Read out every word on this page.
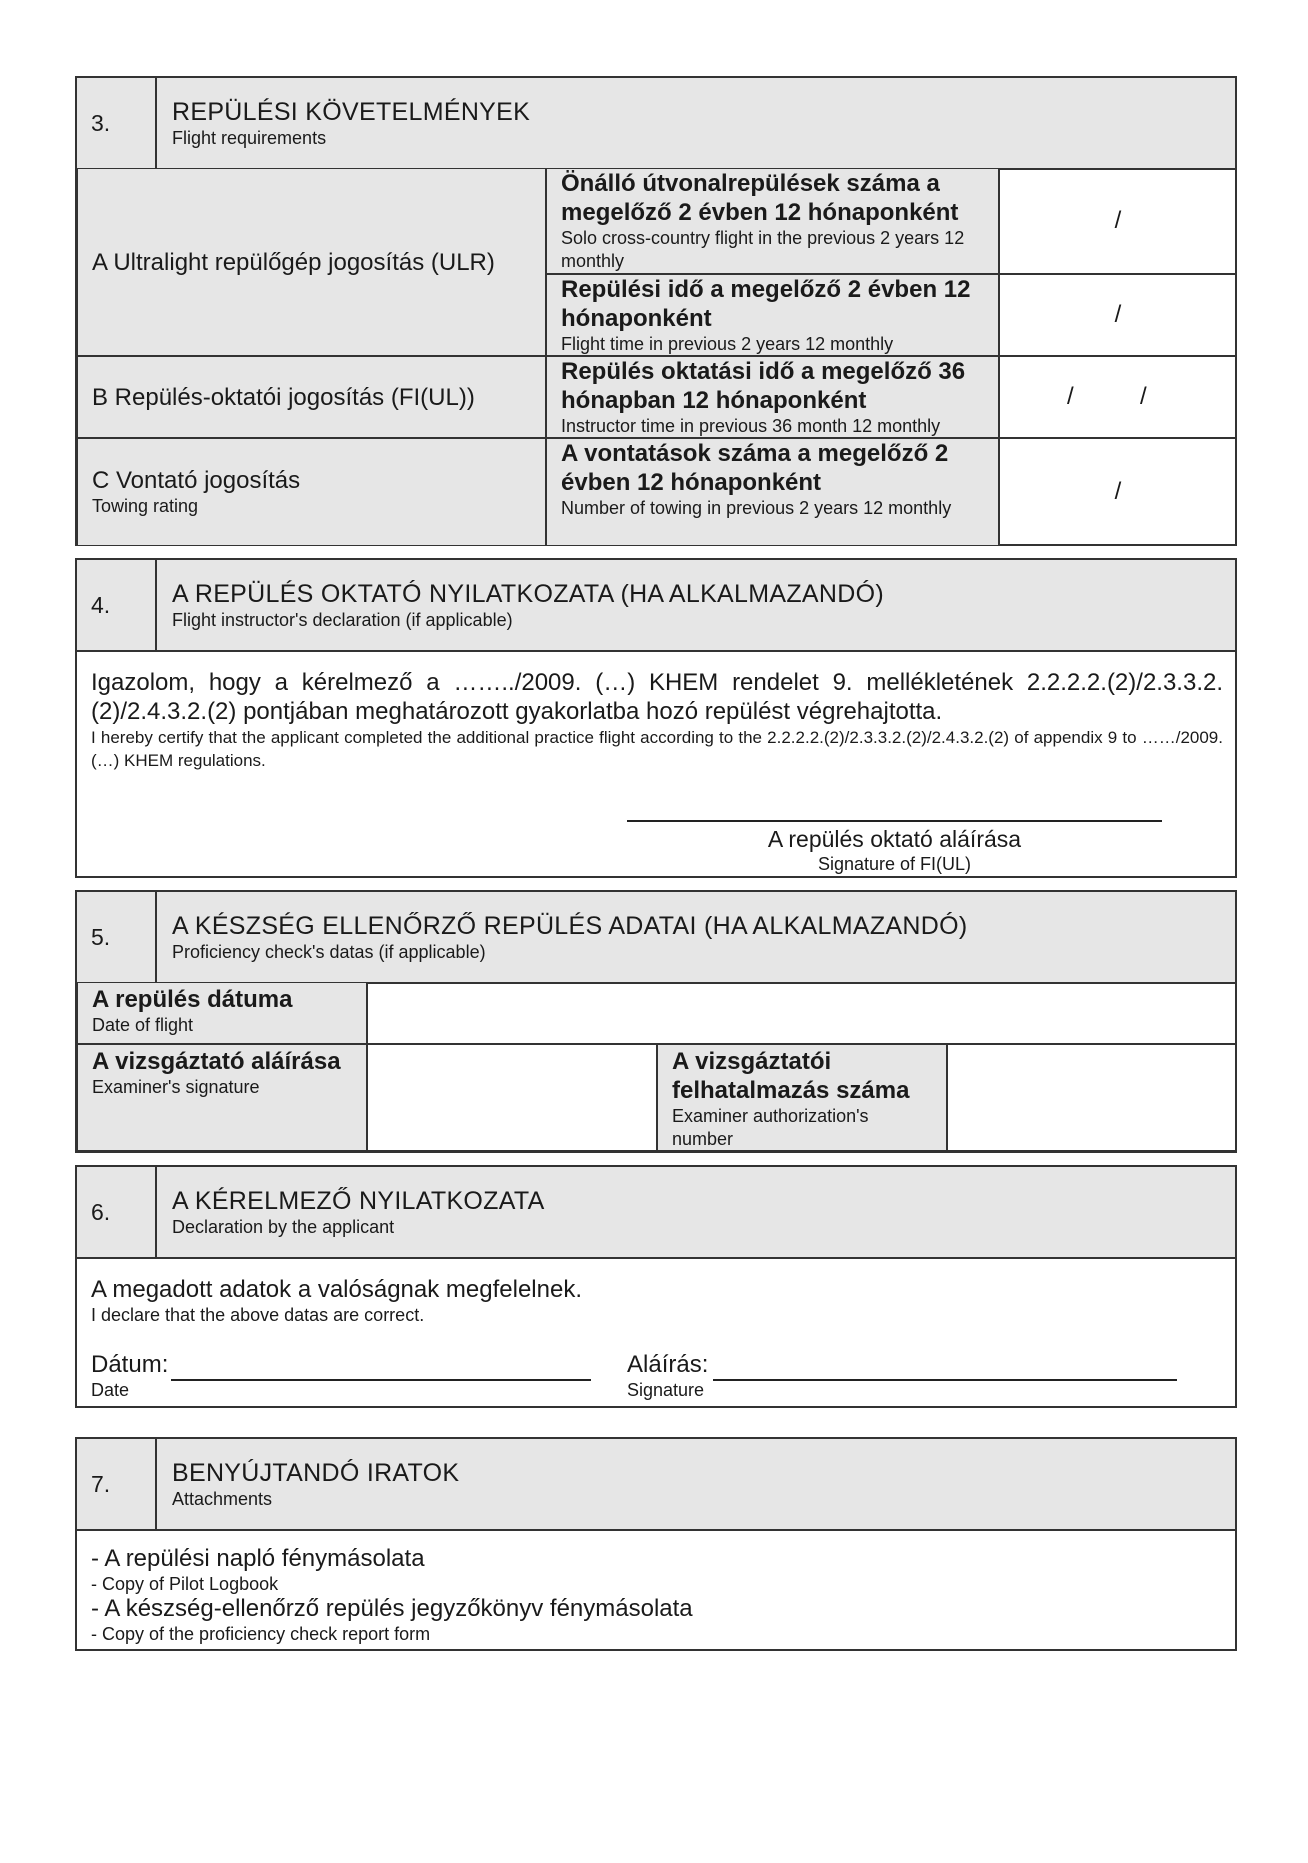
3.	REPÜLÉSI KÖVETELMÉNYEK
Flight requirements
A Ultralight repülőgép jogosítás (ULR)
Önálló útvonalrepülések száma a megelőző 2 évben 12 hónaponként
Solo cross-country flight in the previous 2 years 12 monthly
/
Repülési idő a megelőző 2 évben 12 hónaponként
Flight time in previous 2 years 12 monthly
/
B Repülés-oktatói jogosítás (FI(UL))
Repülés oktatási idő a megelőző 36 hónapban 12 hónaponként
Instructor time in previous 36 month 12 monthly
/	/
C Vontató jogosítás
Towing rating
A vontatások száma a megelőző 2 évben 12 hónaponként
Number of towing in previous 2 years 12 monthly
/
4.	A REPÜLÉS OKTATÓ NYILATKOZATA (HA ALKALMAZANDÓ)
Flight instructor's declaration (if applicable)
Igazolom, hogy a kérelmező a ……../2009. (…) KHEM rendelet 9. mellékletének 2.2.2.2.(2)/2.3.3.2.(2)/2.4.3.2.(2) pontjában meghatározott gyakorlatba hozó repülést végrehajtotta.
I hereby certify that the applicant completed the additional practice flight according to the 2.2.2.2.(2)/2.3.3.2.(2)/2.4.3.2.(2) of appendix 9 to ……/2009. (…) KHEM regulations.
A repülés oktató aláírása
Signature of FI(UL)
5.	A KÉSZSÉG ELLENŐRZŐ REPÜLÉS ADATAI (HA ALKALMAZANDÓ)
Proficiency check's datas (if applicable)
A repülés dátuma
Date of flight
A vizsgáztató aláírása
Examiner's signature
A vizsgáztatói felhatalmazás száma
Examiner authorization's number
6.	A KÉRELMEZŐ NYILATKOZATA
Declaration by the applicant
A megadott adatok a valóságnak megfelelnek.
I declare that the above datas are correct.
Dátum:
Date
Aláírás:
Signature
7.	BENYÚJTANDÓ IRATOK
Attachments
- A repülési napló fénymásolata
- Copy of Pilot Logbook
- A készség-ellenőrző repülés jegyzőkönyv fénymásolata
- Copy of the proficiency check report form
